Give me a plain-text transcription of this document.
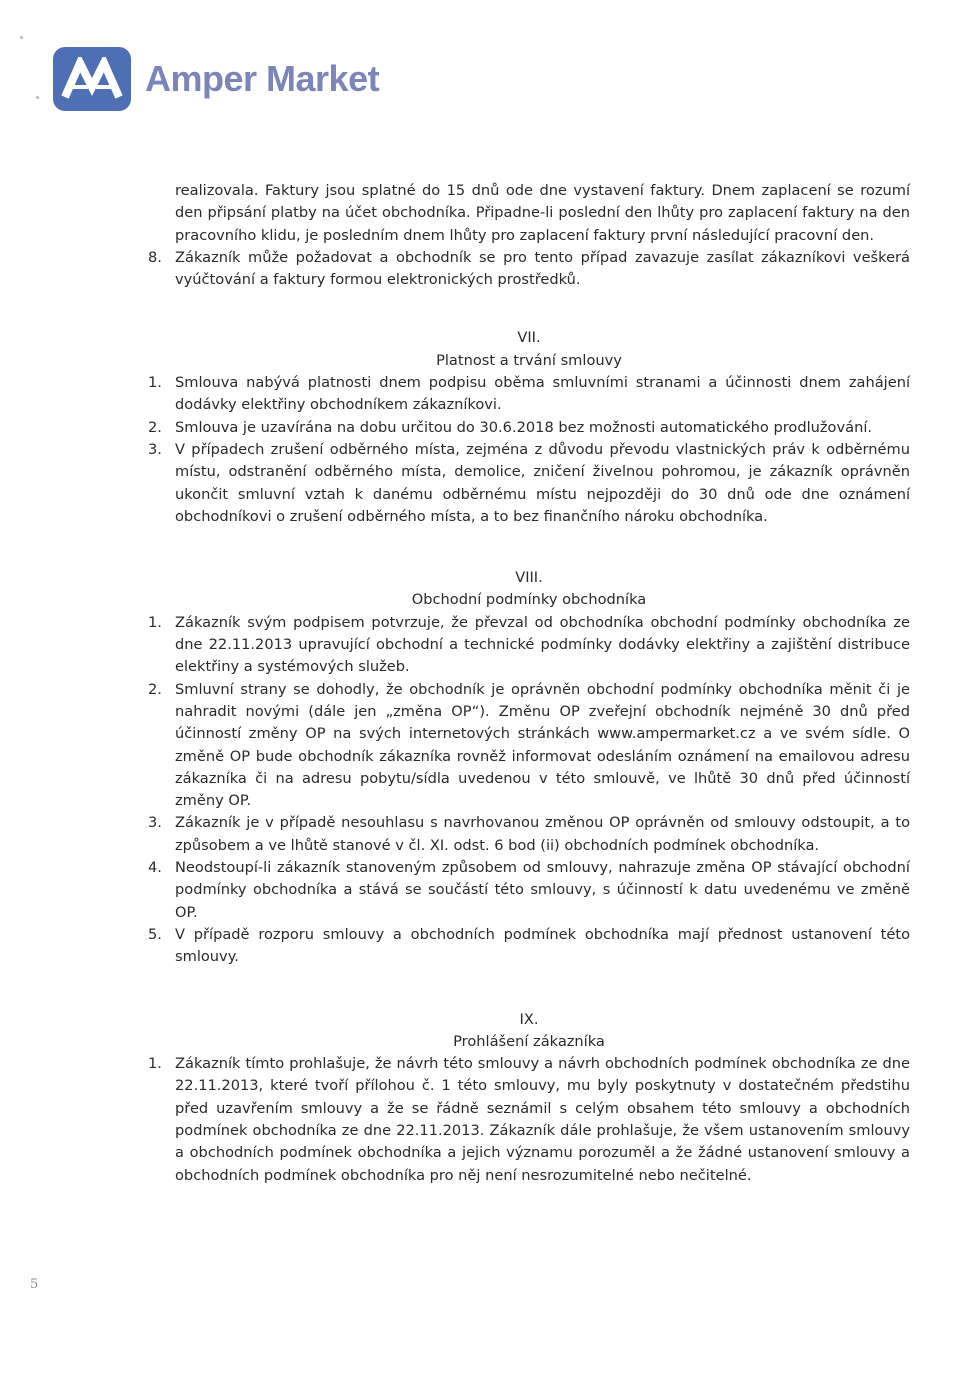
Amper Market

realizovala. Faktury jsou splatné do 15 dnů ode dne vystavení faktury. Dnem zaplacení se rozumí den připsání platby na účet obchodníka. Připadne-li poslední den lhůty pro zaplacení faktury na den pracovního klidu, je posledním dnem lhůty pro zaplacení faktury první následující pracovní den.

8. Zákazník může požadovat a obchodník se pro tento případ zavazuje zasílat zákazníkovi veškerá vyúčtování a faktury formou elektronických prostředků.

VII.

Platnost a trvání smlouvy

1. Smlouva nabývá platnosti dnem podpisu oběma smluvními stranami a účinnosti dnem zahájení dodávky elektřiny obchodníkem zákazníkovi.

2. Smlouva je uzavírána na dobu určitou do 30.6.2018 bez možnosti automatického prodlužování.

3. V případech zrušení odběrného místa, zejména z důvodu převodu vlastnických práv k odběrnému místu, odstranění odběrného místa, demolice, zničení živelnou pohromou, je zákazník oprávněn ukončit smluvní vztah k danému odběrnému místu nejpozději do 30 dnů ode dne oznámení obchodníkovi o zrušení odběrného místa, a to bez finančního nároku obchodníka.

VIII.

Obchodní podmínky obchodníka

1. Zákazník svým podpisem potvrzuje, že převzal od obchodníka obchodní podmínky obchodníka ze dne 22.11.2013 upravující obchodní a technické podmínky dodávky elektřiny a zajištění distribuce elektřiny a systémových služeb.

2. Smluvní strany se dohodly, že obchodník je oprávněn obchodní podmínky obchodníka měnit či je nahradit novými (dále jen „změna OP“). Změnu OP zveřejní obchodník nejméně 30 dnů před účinností změny OP na svých internetových stránkách www.ampermarket.cz a ve svém sídle. O změně OP bude obchodník zákazníka rovněž informovat odesláním oznámení na emailovou adresu zákazníka či na adresu pobytu/sídla uvedenou v této smlouvě, ve lhůtě 30 dnů před účinností změny OP.

3. Zákazník je v případě nesouhlasu s navrhovanou změnou OP oprávněn od smlouvy odstoupit, a to způsobem a ve lhůtě stanové v čl. XI. odst. 6 bod (ii) obchodních podmínek obchodníka.

4. Neodstoupí-li zákazník stanoveným způsobem od smlouvy, nahrazuje změna OP stávající obchodní podmínky obchodníka a stává se součástí této smlouvy, s účinností k datu uvedenému ve změně OP.

5. V případě rozporu smlouvy a obchodních podmínek obchodníka mají přednost ustanovení této smlouvy.

IX.

Prohlášení zákazníka

1. Zákazník tímto prohlašuje, že návrh této smlouvy a návrh obchodních podmínek obchodníka ze dne 22.11.2013, které tvoří přílohou č. 1 této smlouvy, mu byly poskytnuty v dostatečném předstihu před uzavřením smlouvy a že se řádně seznámil s celým obsahem této smlouvy a obchodních podmínek obchodníka ze dne 22.11.2013. Zákazník dále prohlašuje, že všem ustanovením smlouvy a obchodních podmínek obchodníka a jejich významu porozuměl a že žádné ustanovení smlouvy a obchodních podmínek obchodníka pro něj není nesrozumitelné nebo nečitelné.

5
